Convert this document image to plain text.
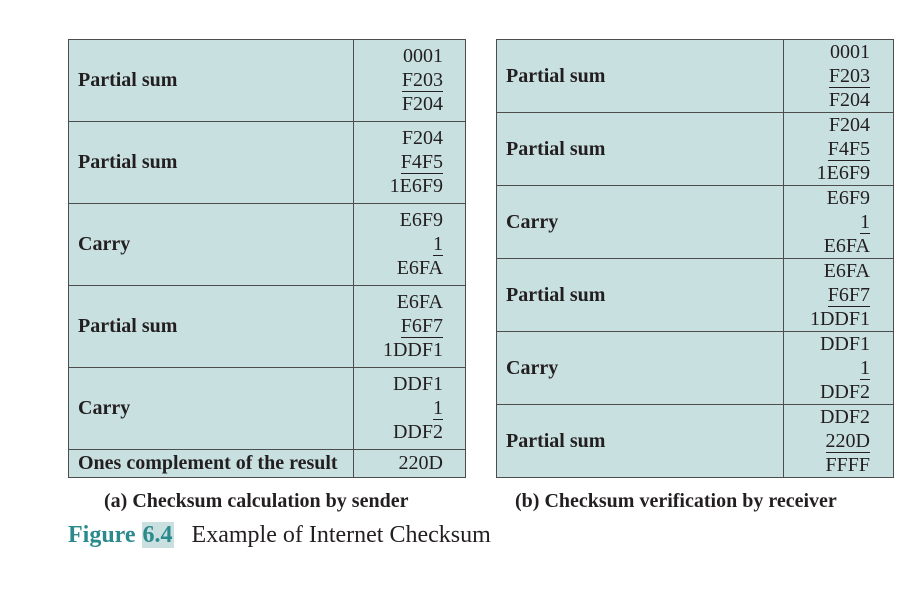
Partial sum	0001
F203
F204

Partial sum	F204
F4F5
1E6F9

Carry	E6F9
1
E6FA

Partial sum	E6FA
F6F7
1DDF1

Carry	DDF1
1
DDF2

Ones complement of the result	220D
(a) Checksum calculation by sender
Partial sum	0001
F203
F204

Partial sum	F204
F4F5
1E6F9

Carry	E6F9
1
E6FA

Partial sum	E6FA
F6F7
1DDF1

Carry	DDF1
1
DDF2

Partial sum	DDF2
220D
FFFF
(b) Checksum verification by receiver
Figure 6.4 Example of Internet Checksum
